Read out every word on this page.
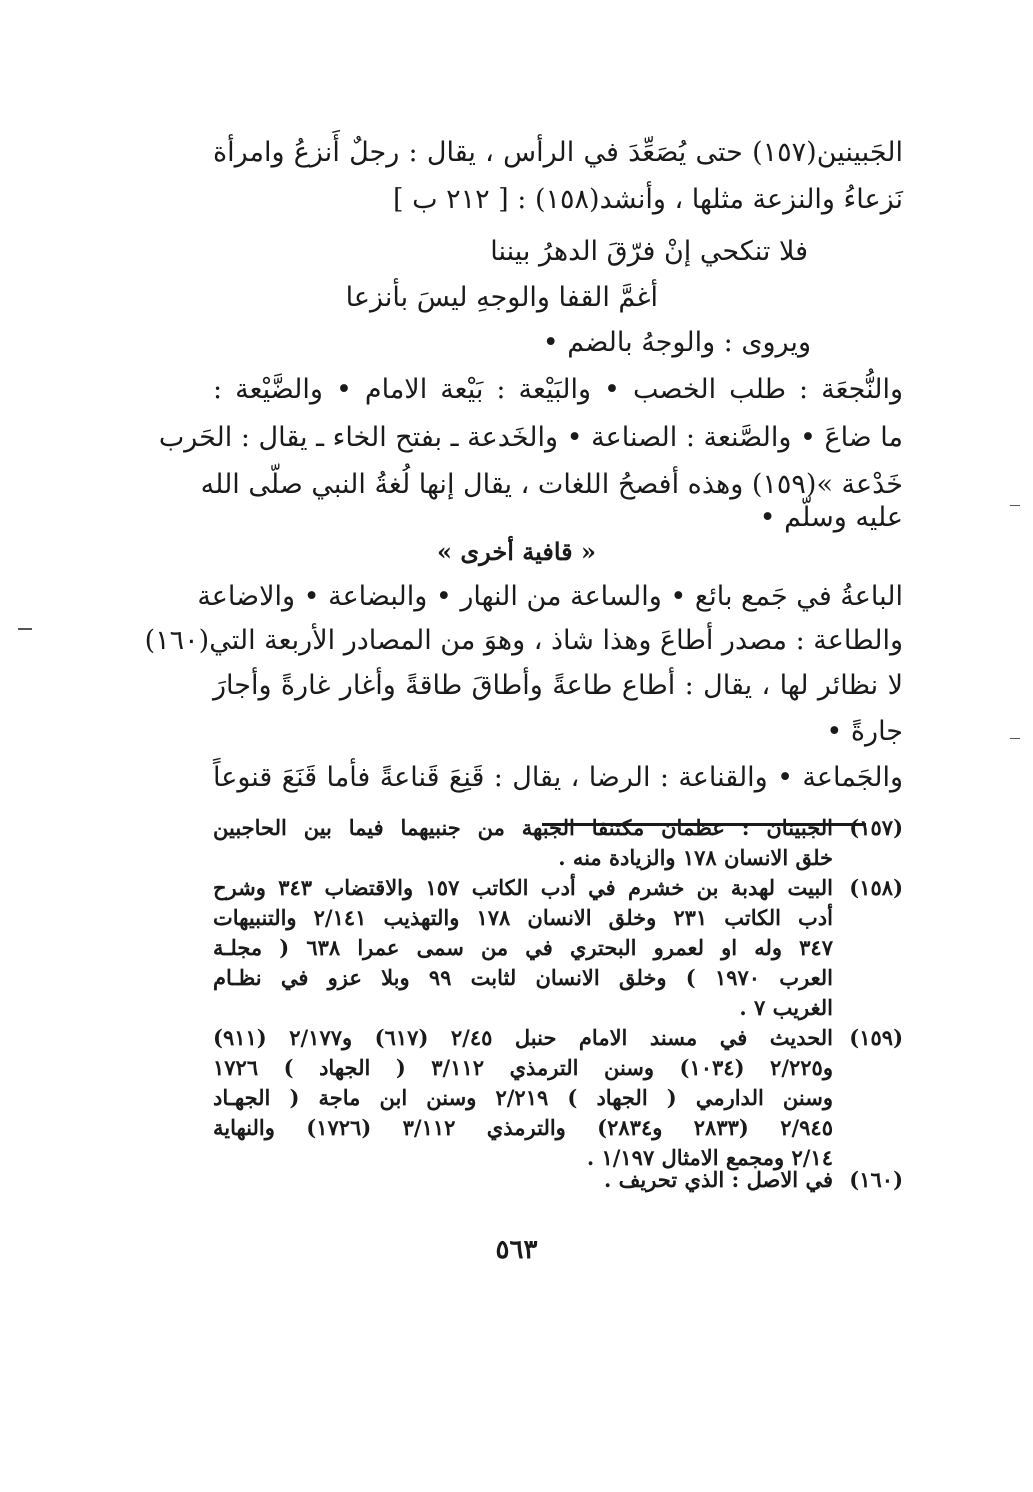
الجَبينين(١٥٧) حتى يُصَعِّدَ في الرأس ، يقال : رجلٌ أَنزعُ وامرأة
نَزعاءُ والنزعة مثلها ، وأنشد(١٥٨) : [ ٢١٢ ب ]
فلا تنكحي إنْ فرّقَ الدهرُ بيننا
أغمَّ القفا والوجهِ ليسَ بأنزعا
ويروى : والوجهُ بالضم •
والنُّجعَة : طلب الخصب • والبَيْعة : بَيْعة الامام • والضَّيْعة :
ما ضاعَ • والصَّنعة : الصناعة • والخَدعة ـ بفتح الخاء ـ يقال : الحَرب
خَدْعة »(١٥٩) وهذه أفصحُ اللغات ، يقال إنها لُغةُ النبي صلّى الله
عليه وسلّم •
« قافية أخرى »
الباعةُ في جَمع بائع • والساعة من النهار • والبضاعة • والاضاعة
والطاعة : مصدر أطاعَ وهذا شاذ ، وهوَ من المصادر الأربعة التي(١٦٠)
لا نظائر لها ، يقال : أطاع طاعةً وأطاقَ طاقةً وأغار غارةً وأجارَ
جارةً •
والجَماعة • والقناعة : الرضا ، يقال : قَنِعَ قَناعةً فأما قَنَعَ قنوعاً
(١٥٧)
الجبينان : عظمان مكتنفا الجبهة من جنبيهما فيما بين الحاجبين
خلق الانسان ١٧٨ والزيادة منه .
(١٥٨)
البيت لهدبة بن خشرم في أدب الكاتب ١٥٧ والاقتضاب ٣٤٣ وشرح
أدب الكاتب ٢٣١ وخلق الانسان ١٧٨ والتهذيب ٢/١٤١ والتنبيهات
٣٤٧ وله او لعمرو البحتري في من سمى عمرا ٦٣٨ ( مجلـة
العرب ١٩٧٠ ) وخلق الانسان لثابت ٩٩ وبلا عزو في نظـام
الغريب ٧ .
(١٥٩)
الحديث في مسند الامام حنبل ٢/٤٥ (٦١٧) و٢/١٧٧ (٩١١)
و٢/٢٢٥ (١٠٣٤) وسنن الترمذي ٣/١١٢ ( الجهاد ) ١٧٢٦
وسنن الدارمي ( الجهاد ) ٢/٢١٩ وسنن ابن ماجة ( الجهـاد
٢/٩٤٥ (٢٨٣٣ و٢٨٣٤) والترمذي ٣/١١٢ (١٧٢٦) والنهاية
٢/١٤ ومجمع الامثال ١/١٩٧ .
(١٦٠)
في الاصل : الذي تحريف .
٥٦٣
